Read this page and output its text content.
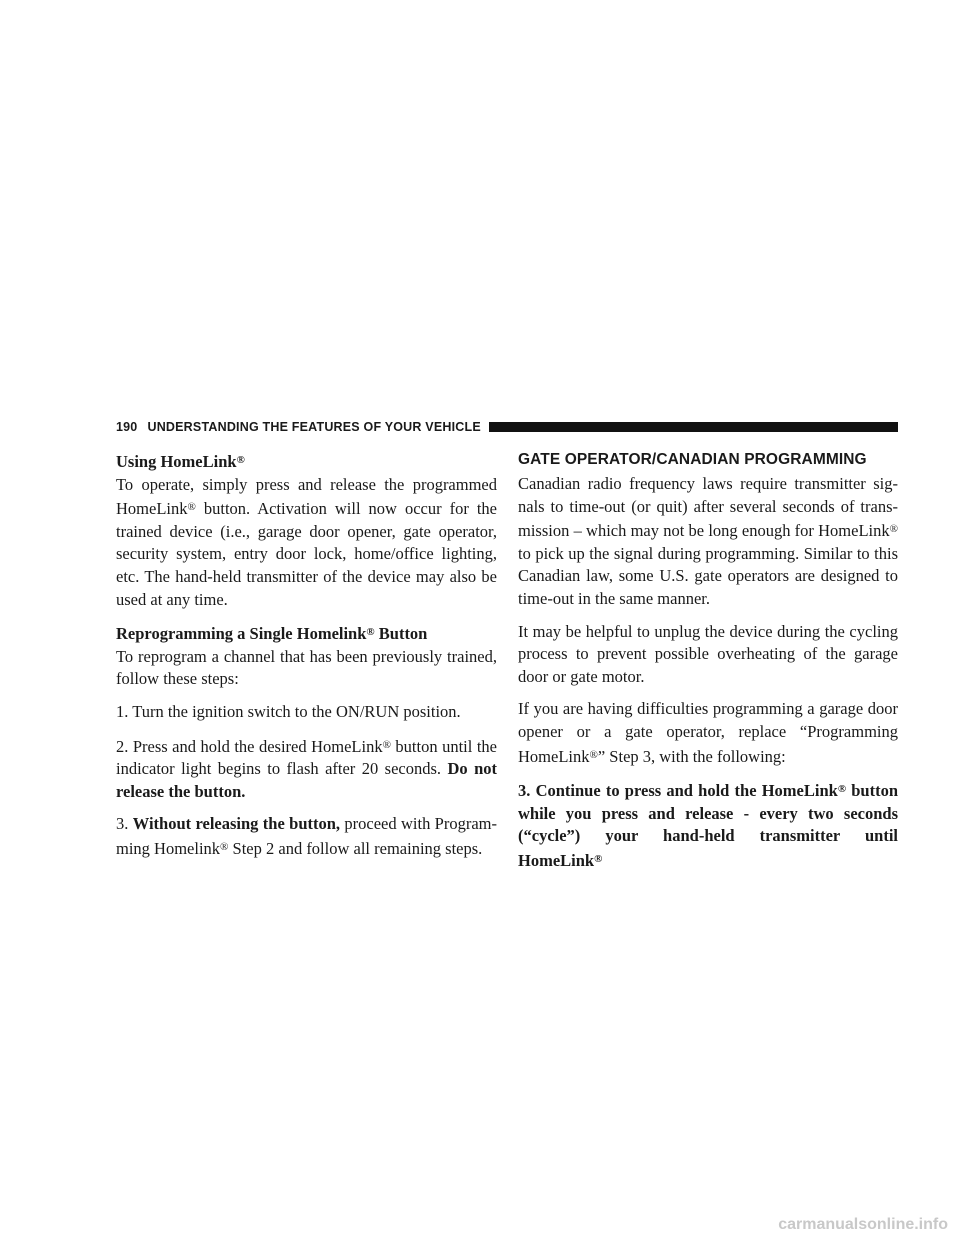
190 UNDERSTANDING THE FEATURES OF YOUR VEHICLE
Using HomeLink®

To operate, simply press and release the programmed HomeLink® button. Activation will now occur for the trained device (i.e., garage door opener, gate operator, security system, entry door lock, home/office lighting, etc. The hand-held transmitter of the device may also be used at any time.

Reprogramming a Single Homelink® Button

To reprogram a channel that has been previously trained, follow these steps:

1. Turn the ignition switch to the ON/RUN position.

2. Press and hold the desired HomeLink® button until the indicator light begins to flash after 20 seconds. Do not release the button.

3. Without releasing the button, proceed with Program- ming Homelink® Step 2 and follow all remaining steps.

GATE OPERATOR/CANADIAN PROGRAMMING

Canadian radio frequency laws require transmitter sig- nals to time-out (or quit) after several seconds of trans- mission – which may not be long enough for HomeLink® to pick up the signal during programming. Similar to this Canadian law, some U.S. gate operators are designed to time-out in the same manner.

It may be helpful to unplug the device during the cycling process to prevent possible overheating of the garage door or gate motor.

If you are having difficulties programming a garage door opener or a gate operator, replace “Programming HomeLink®” Step 3, with the following:

3. Continue to press and hold the HomeLink® button while you press and release - every two seconds (“cycle”) your hand-held transmitter until HomeLink®

carmanualsonline.info
